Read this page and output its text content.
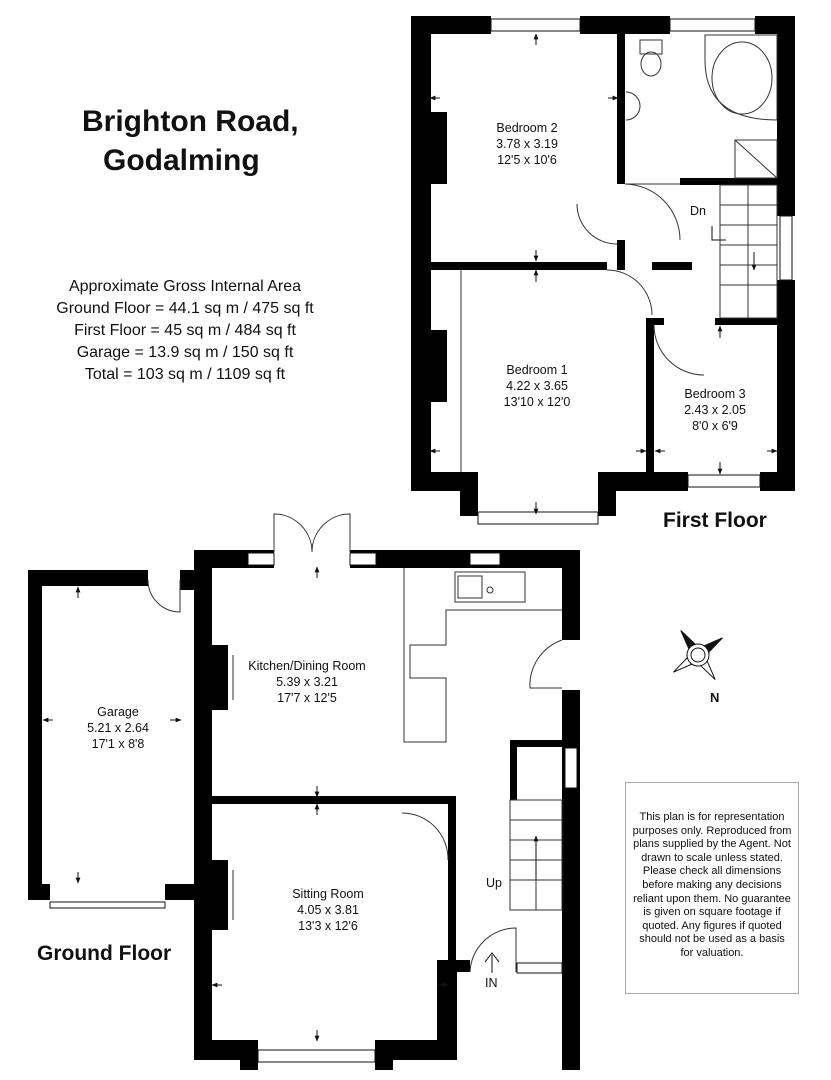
Brighton Road,
Godalming
Approximate Gross Internal Area
Ground Floor = 44.1 sq m / 475 sq ft
First Floor = 45 sq m / 484 sq ft
Garage = 13.9 sq m / 150 sq ft
Total = 103 sq m / 1109 sq ft
First Floor
Ground Floor
Bedroom 2
3.78 x 3.19
12'5 x 10'6
Bedroom 1
4.22 x 3.65
13'10 x 12'0
Bedroom 3
2.43 x 2.05
8'0 x 6'9
Kitchen/Dining Room
5.39 x 3.21
17'7 x 12'5
Garage
5.21 x 2.64
17'1 x 8'8
Sitting Room
4.05 x 3.81
13'3 x 12'6
Dn
Up
IN
N
This plan is for representation purposes only. Reproduced from plans supplied by the Agent. Not drawn to scale unless stated. Please check all dimensions before making any decisions reliant upon them. No guarantee is given on square footage if quoted. Any figures if quoted should not be used as a basis for valuation.
